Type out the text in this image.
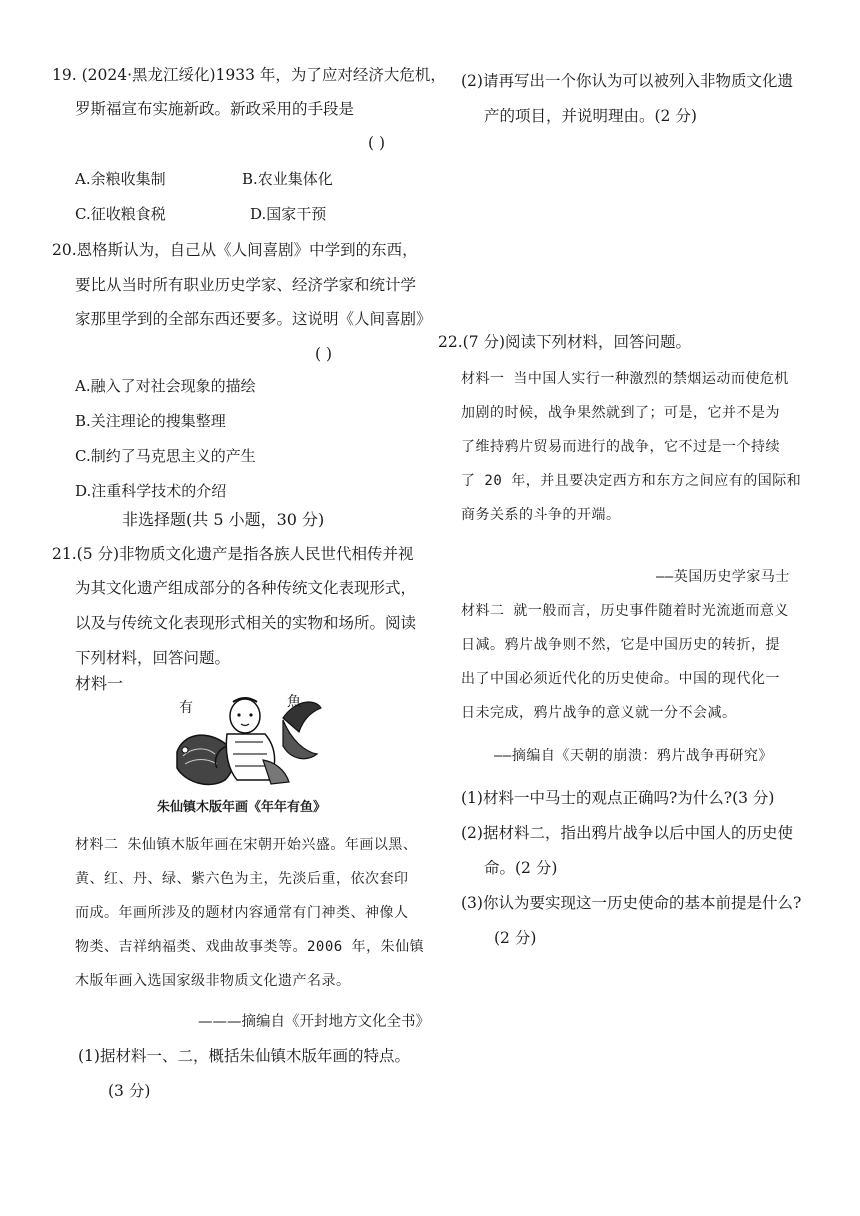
19. (2024·黑龙江绥化)1933 年，为了应对经济大危机，
罗斯福宣布实施新政。新政采用的手段是
( )
A.余粮收集制	B.农业集体化
C.征收粮食税	D.国家干预
20.恩格斯认为，自己从《人间喜剧》中学到的东西，
要比从当时所有职业历史学家、经济学家和统计学
家那里学到的全部东西还要多。这说明《人间喜剧》
( )
A.融入了对社会现象的描绘
B.关注理论的搜集整理
C.制约了马克思主义的产生
D.注重科学技术的介绍
非选择题(共 5 小题，30 分)
21.(5 分)非物质文化遗产是指各族人民世代相传并视
为其文化遗产组成部分的各种传统文化表现形式，
以及与传统文化表现形式相关的实物和场所。阅读
下列材料，回答问题。
材料一
有	魚
朱仙镇木版年画《年年有鱼》
材料二 朱仙镇木版年画在宋朝开始兴盛。年画以黑、
黄、红、丹、绿、紫六色为主，先淡后重，依次套印
而成。年画所涉及的题材内容通常有门神类、神像人
物类、吉祥纳福类、戏曲故事类等。2006 年，朱仙镇
木版年画入选国家级非物质文化遗产名录。
———摘编自《开封地方文化全书》
(1)据材料一、二，概括朱仙镇木版年画的特点。
(3 分)
(2)请再写出一个你认为可以被列入非物质文化遗
产的项目，并说明理由。(2 分)
22.(7 分)阅读下列材料，回答问题。
材料一 当中国人实行一种激烈的禁烟运动而使危机
加剧的时候，战争果然就到了；可是，它并不是为
了维持鸦片贸易而进行的战争，它不过是一个持续
了 20 年，并且要决定西方和东方之间应有的国际和
商务关系的斗争的开端。
——英国历史学家马士
材料二 就一般而言，历史事件随着时光流逝而意义
日减。鸦片战争则不然，它是中国历史的转折，提
出了中国必须近代化的历史使命。中国的现代化一
日未完成，鸦片战争的意义就一分不会减。
——摘编自《天朝的崩溃：鸦片战争再研究》
(1)材料一中马士的观点正确吗?为什么?(3 分)
(2)据材料二，指出鸦片战争以后中国人的历史使
命。(2 分)
(3)你认为要实现这一历史使命的基本前提是什么?
(2 分)
